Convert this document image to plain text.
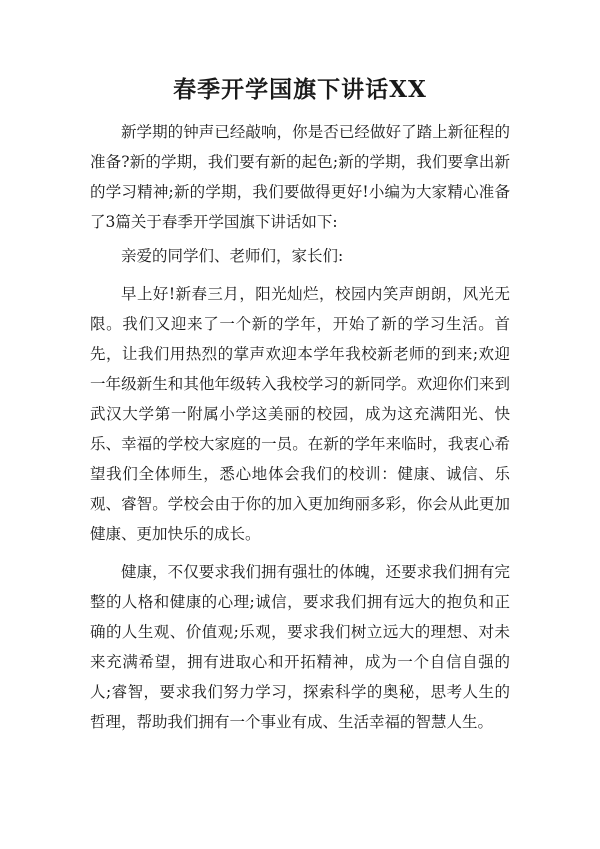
春季开学国旗下讲话XX

新学期的钟声已经敲响，你是否已经做好了踏上新征程的准备?新的学期，我们要有新的起色;新的学期，我们要拿出新的学习精神;新的学期，我们要做得更好!小编为大家精心准备了3篇关于春季开学国旗下讲话如下:

亲爱的同学们、老师们，家长们:

早上好!新春三月，阳光灿烂，校园内笑声朗朗，风光无限。我们又迎来了一个新的学年，开始了新的学习生活。首先，让我们用热烈的掌声欢迎本学年我校新老师的到来;欢迎一年级新生和其他年级转入我校学习的新同学。欢迎你们来到武汉大学第一附属小学这美丽的校园，成为这充满阳光、快乐、幸福的学校大家庭的一员。在新的学年来临时，我衷心希望我们全体师生，悉心地体会我们的校训：健康、诚信、乐观、睿智。学校会由于你的加入更加绚丽多彩，你会从此更加健康、更加快乐的成长。

健康，不仅要求我们拥有强壮的体魄，还要求我们拥有完整的人格和健康的心理;诚信，要求我们拥有远大的抱负和正确的人生观、价值观;乐观，要求我们树立远大的理想、对未来充满希望，拥有进取心和开拓精神，成为一个自信自强的人;睿智，要求我们努力学习，探索科学的奥秘，思考人生的哲理，帮助我们拥有一个事业有成、生活幸福的智慧人生。
